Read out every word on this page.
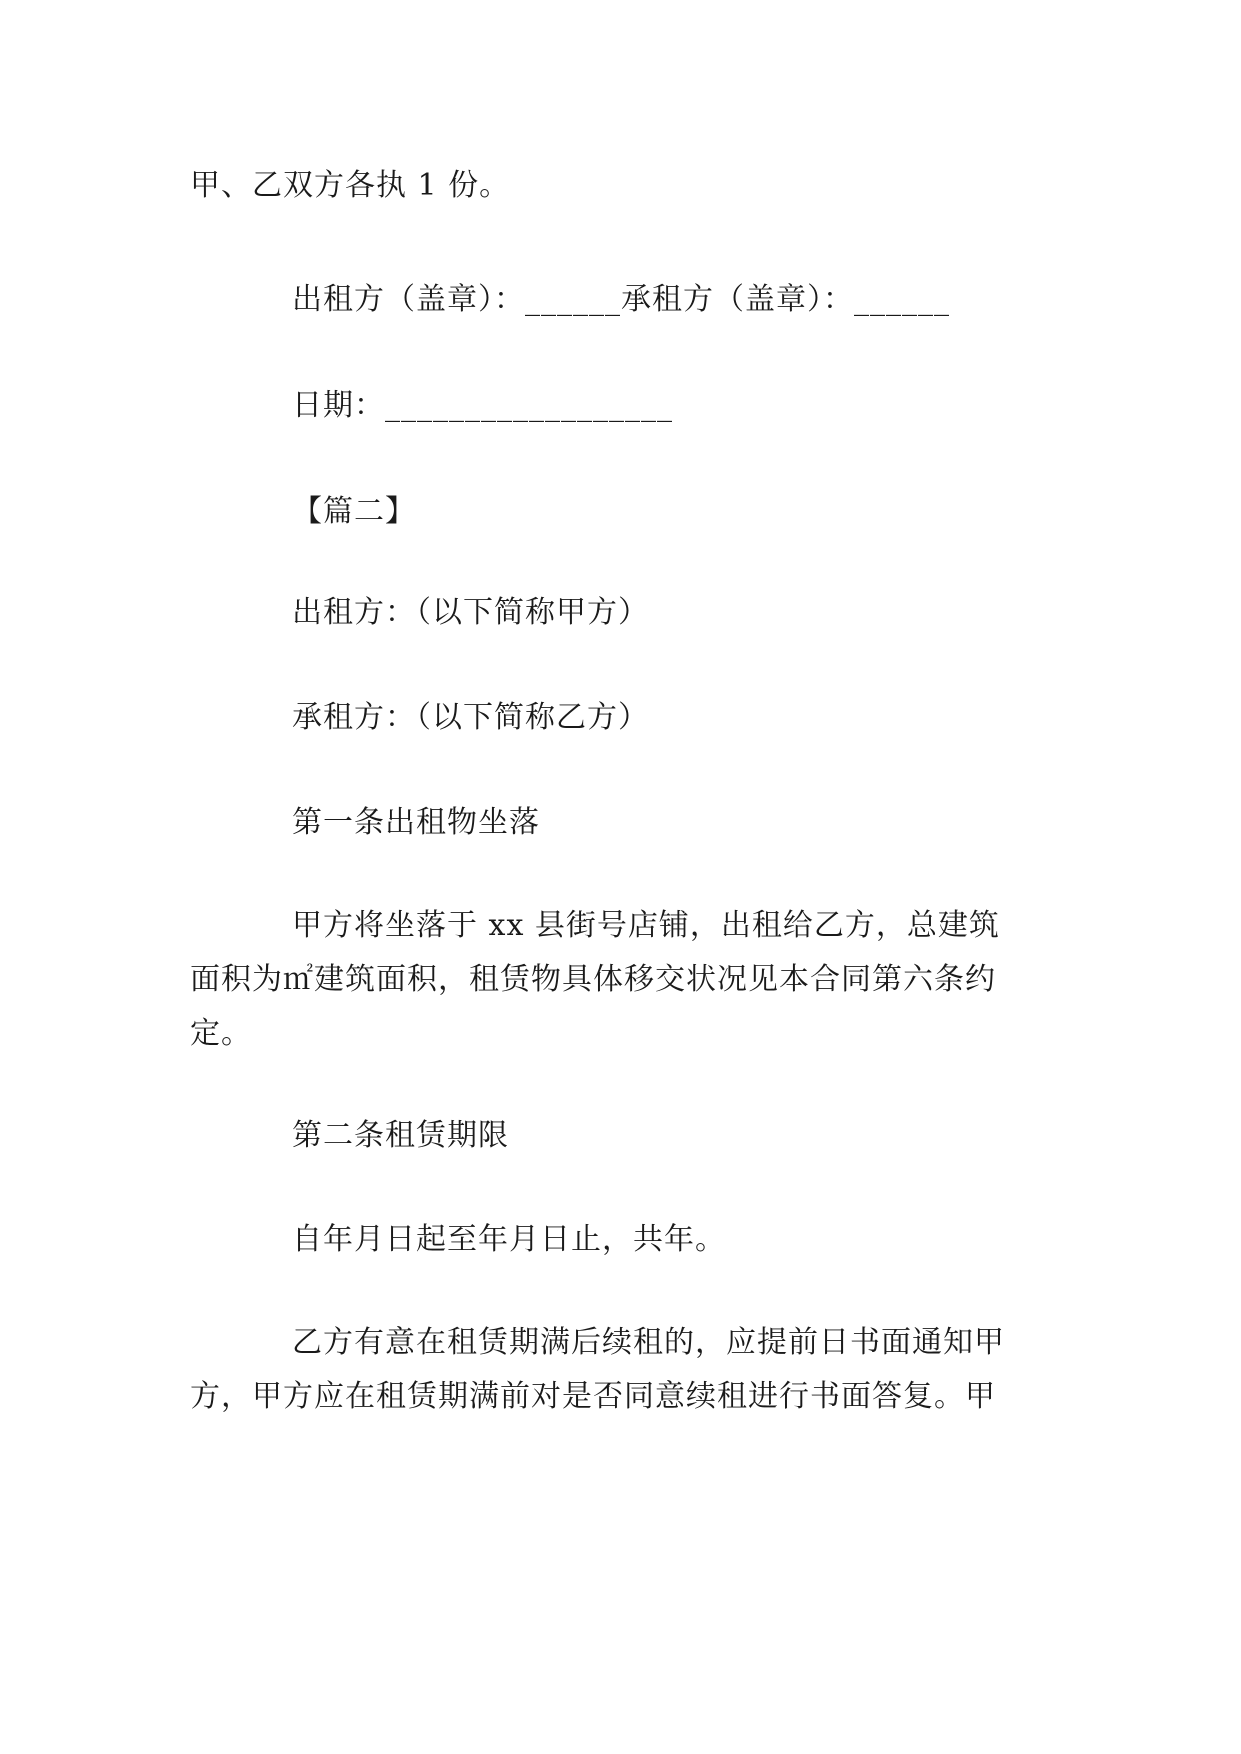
甲、乙双方各执 1 份。
出租方（盖章）：______承租方（盖章）：______
日期：__________________
【篇二】
出租方：（以下简称甲方）
承租方：（以下简称乙方）
第一条出租物坐落
甲方将坐落于 xx 县街号店铺，出租给乙方，总建筑
面积为㎡建筑面积，租赁物具体移交状况见本合同第六条约
定。
第二条租赁期限
自年月日起至年月日止，共年。
乙方有意在租赁期满后续租的，应提前日书面通知甲
方，甲方应在租赁期满前对是否同意续租进行书面答复。甲
